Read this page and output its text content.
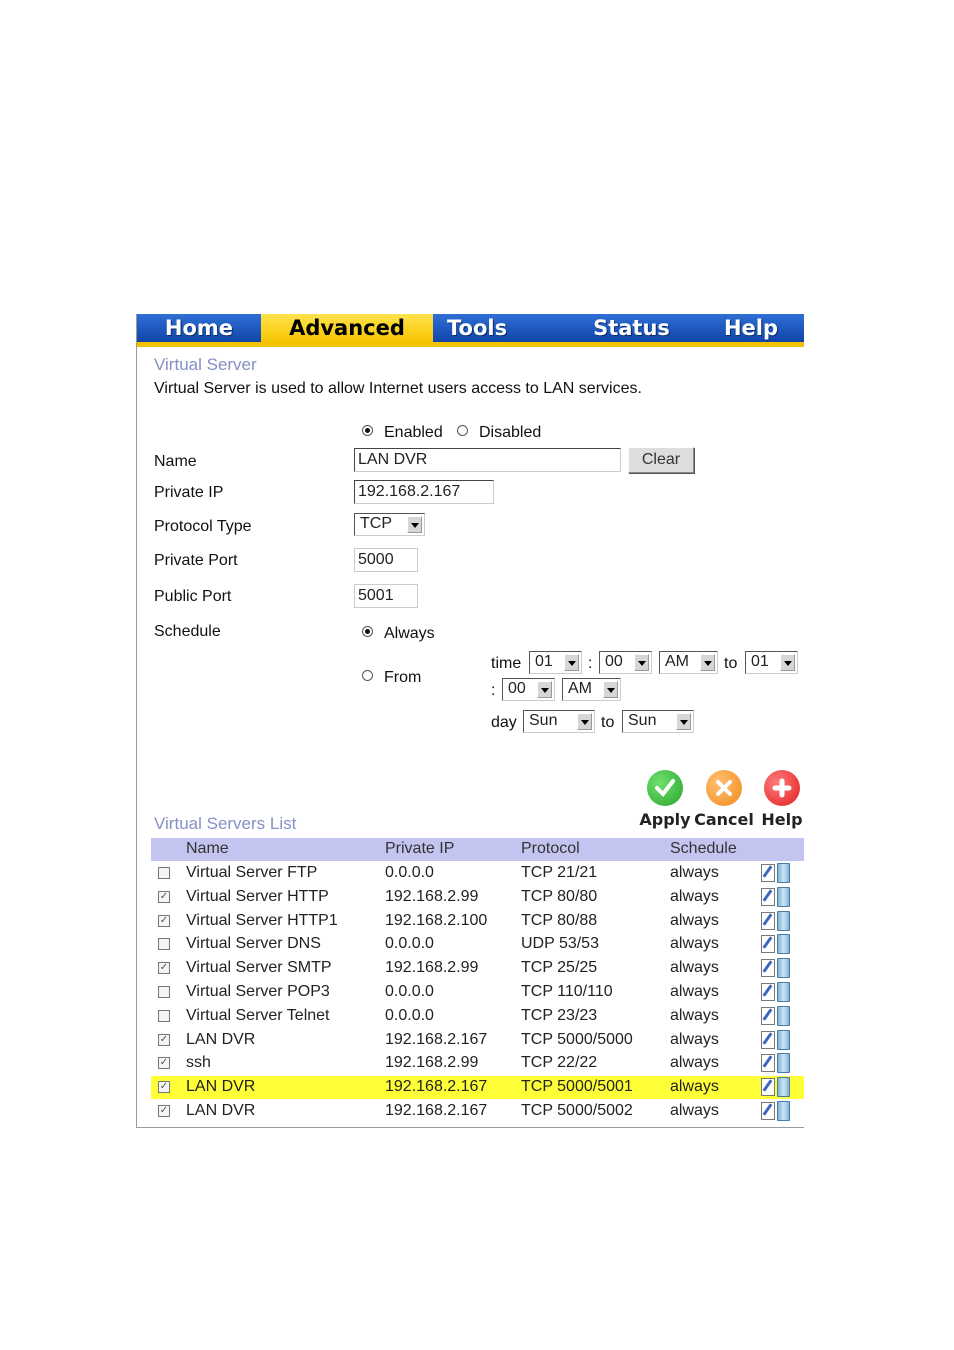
Home	Advanced	Tools	Status	Help
Virtual Server
Virtual Server is used to allow Internet users access to LAN services.
Enabled Disabled
Name	LAN DVR	Clear
Private IP	192.168.2.167
Protocol Type	TCP
Private Port	5000
Public Port	5001
Schedule	Always
From
time 01 : 00	AM to 01
: 00	AM
day Sun	to Sun
Apply Cancel Help
Virtual Servers List
Name	Private IP	Protocol	Schedule
Virtual Server FTP	0.0.0.0	TCP 21/21	always
✓ Virtual Server HTTP	192.168.2.99	TCP 80/80	always
✓ Virtual Server HTTP1	192.168.2.100 TCP 80/88	always
Virtual Server DNS	0.0.0.0	UDP 53/53	always
✓ Virtual Server SMTP	192.168.2.99	TCP 25/25	always
Virtual Server POP3	0.0.0.0	TCP 110/110	always
Virtual Server Telnet	0.0.0.0	TCP 23/23	always
✓ LAN DVR	192.168.2.167 TCP 5000/5000 always
✓ ssh	192.168.2.99	TCP 22/22	always
✓ LAN DVR	192.168.2.167 TCP 5000/5001 always
✓ LAN DVR	192.168.2.167 TCP 5000/5002 always
